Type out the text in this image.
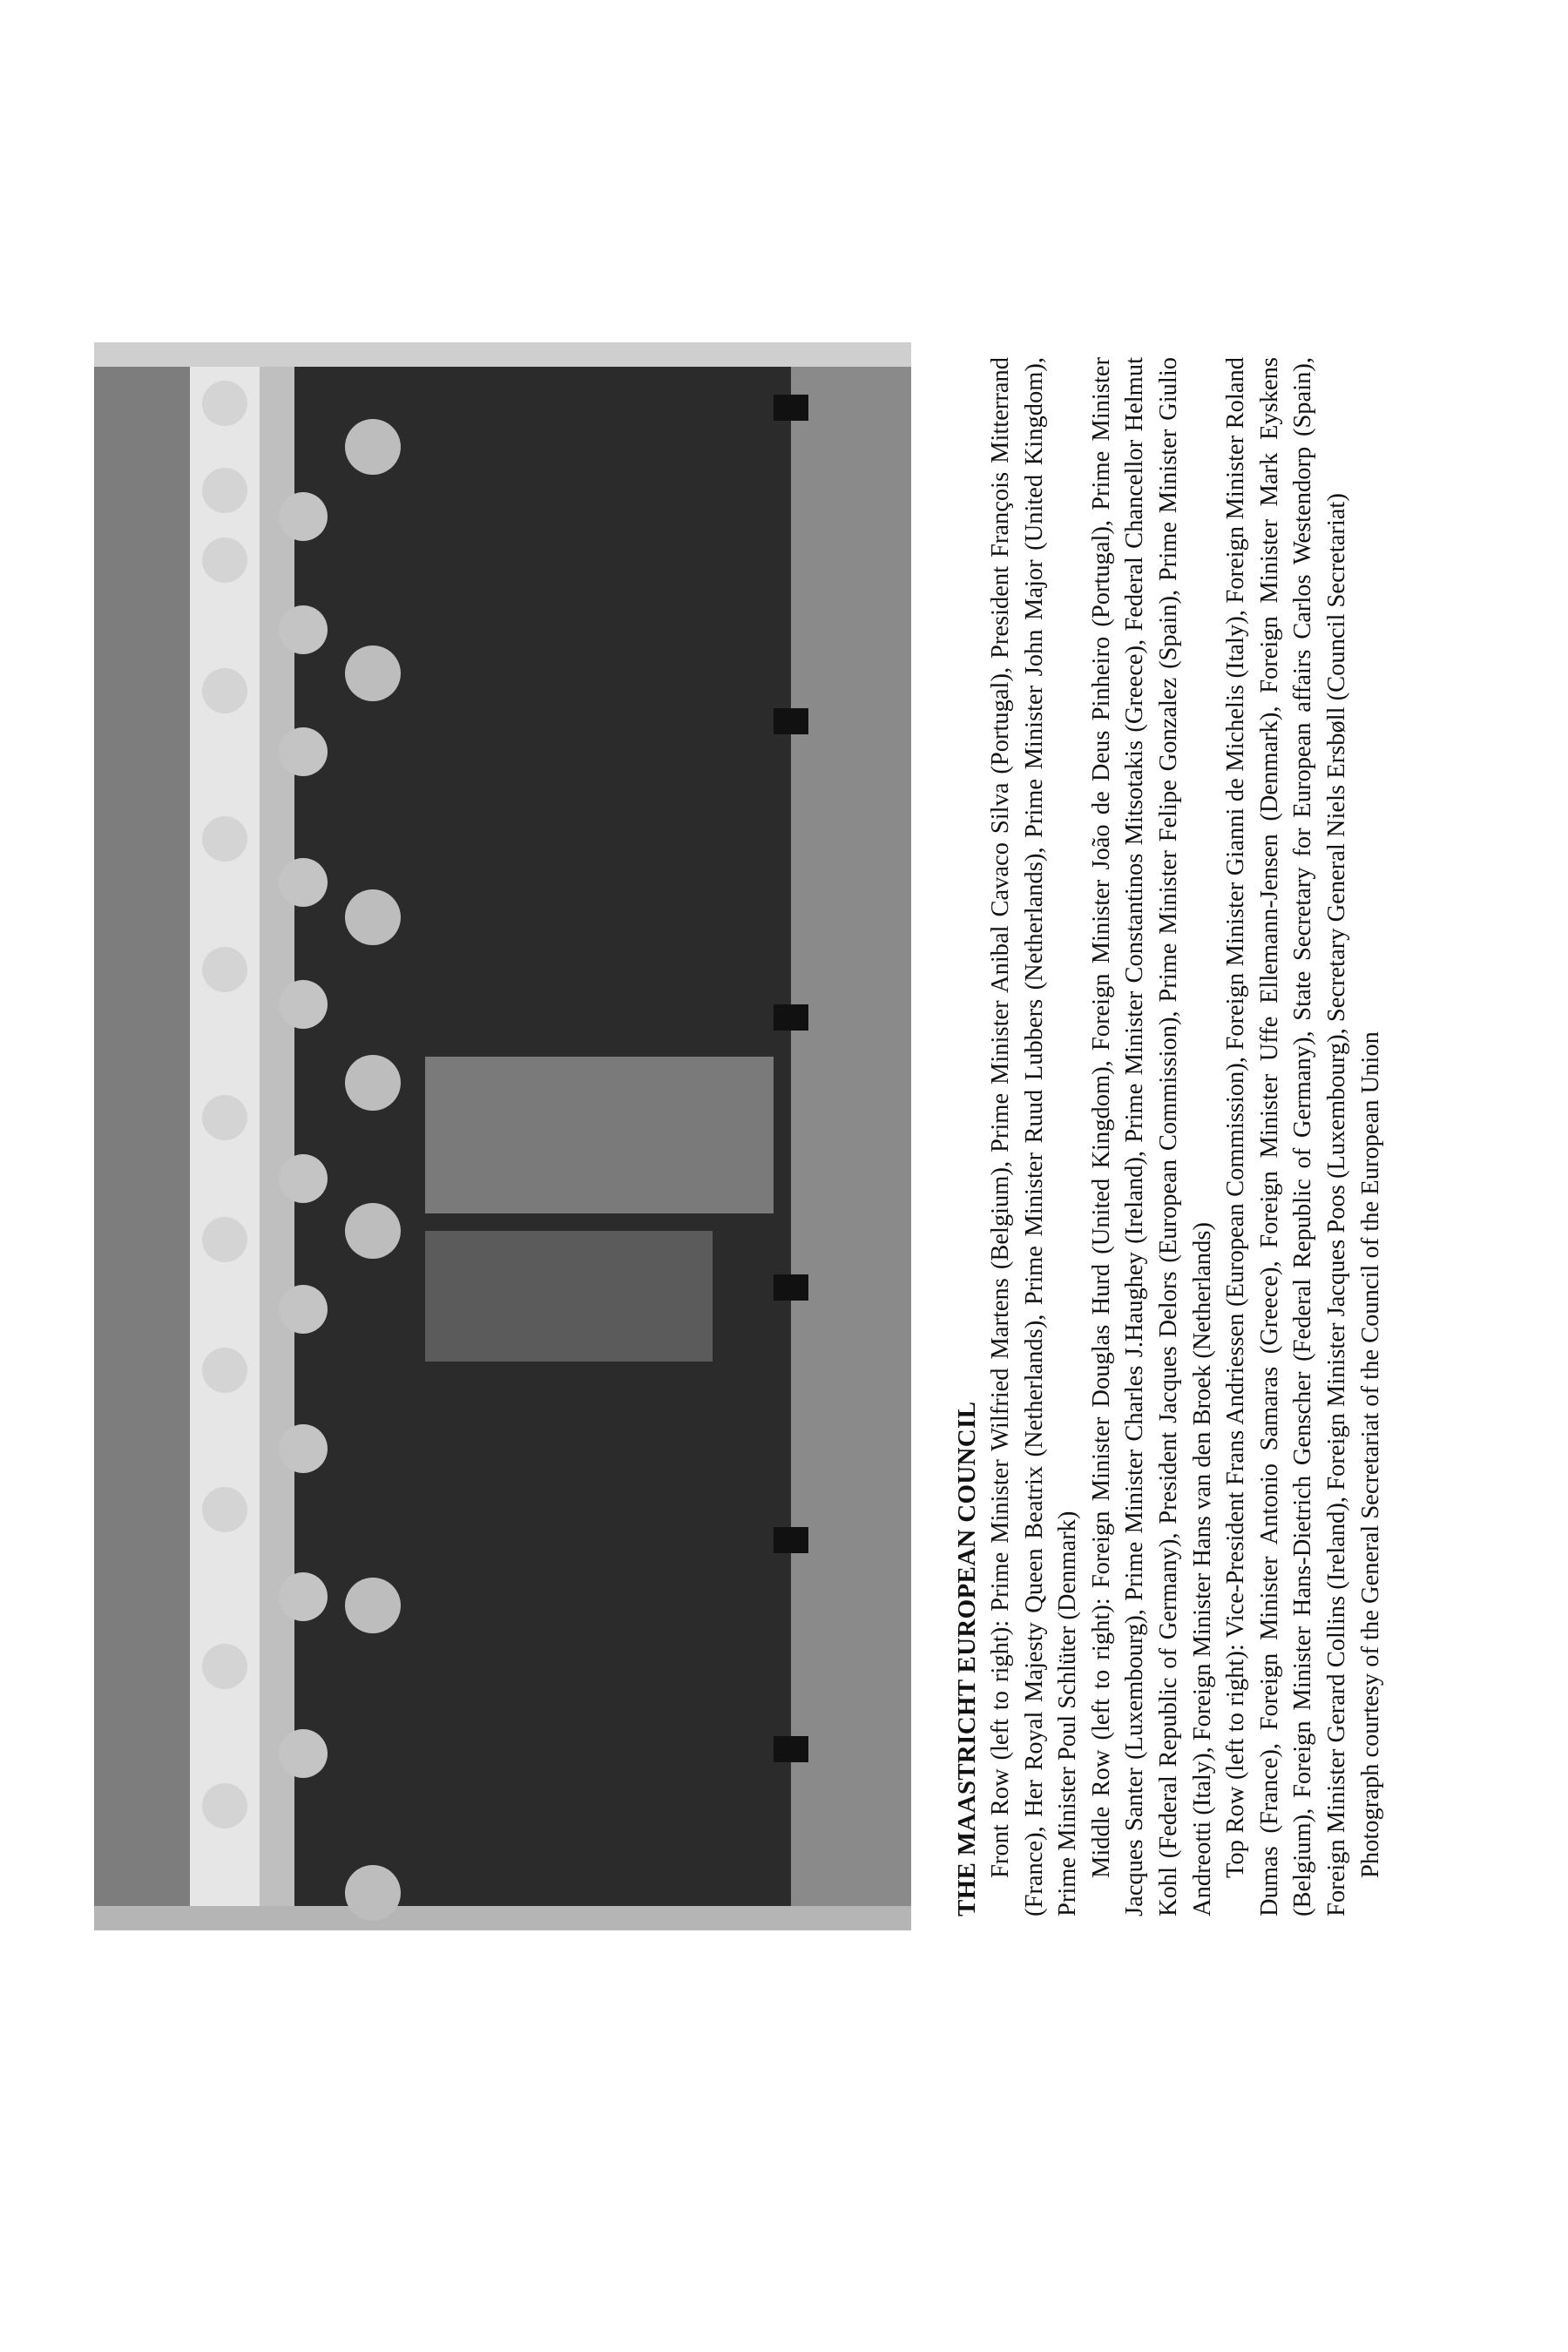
THE MAASTRICHT EUROPEAN COUNCIL Front Row (left to right): Prime Minister Wilfried Martens (Belgium), Prime Minister Anibal Cavaco Silva (Portugal), President François Mitterrand (France), Her Royal Majesty Queen Beatrix (Netherlands), Prime Minister Ruud Lubbers (Netherlands), Prime Minister John Major (United Kingdom), Prime Minister Poul Schlüter (Denmark) Middle Row (left to right): Foreign Minister Douglas Hurd (United Kingdom), Foreign Minister João de Deus Pinheiro (Portugal), Prime Minister Jacques Santer (Luxembourg), Prime Minister Charles J.Haughey (Ireland), Prime Minister Constantinos Mitsotakis (Greece), Federal Chancellor Helmut Kohl (Federal Republic of Germany), President Jacques Delors (European Commission), Prime Minister Felipe Gonzalez (Spain), Prime Minister Giulio Andreotti (Italy), Foreign Minister Hans van den Broek (Netherlands) Top Row (left to right): Vice-President Frans Andriessen (European Commission), Foreign Minister Gianni de Michelis (Italy), Foreign Minister Roland Dumas (France), Foreign Minister Antonio Samaras (Greece), Foreign Minister Uffe Ellemann-Jensen (Denmark), Foreign Minister Mark Eyskens (Belgium), Foreign Minister Hans-Dietrich Genscher (Federal Republic of Germany), State Secretary for European affairs Carlos Westendorp (Spain), Foreign Minister Gerard Collins (Ireland), Foreign Minister Jacques Poos (Luxembourg), Secretary General Niels Ersbøll (Council Secretariat) Photograph courtesy of the General Secretariat of the Council of the European Union
